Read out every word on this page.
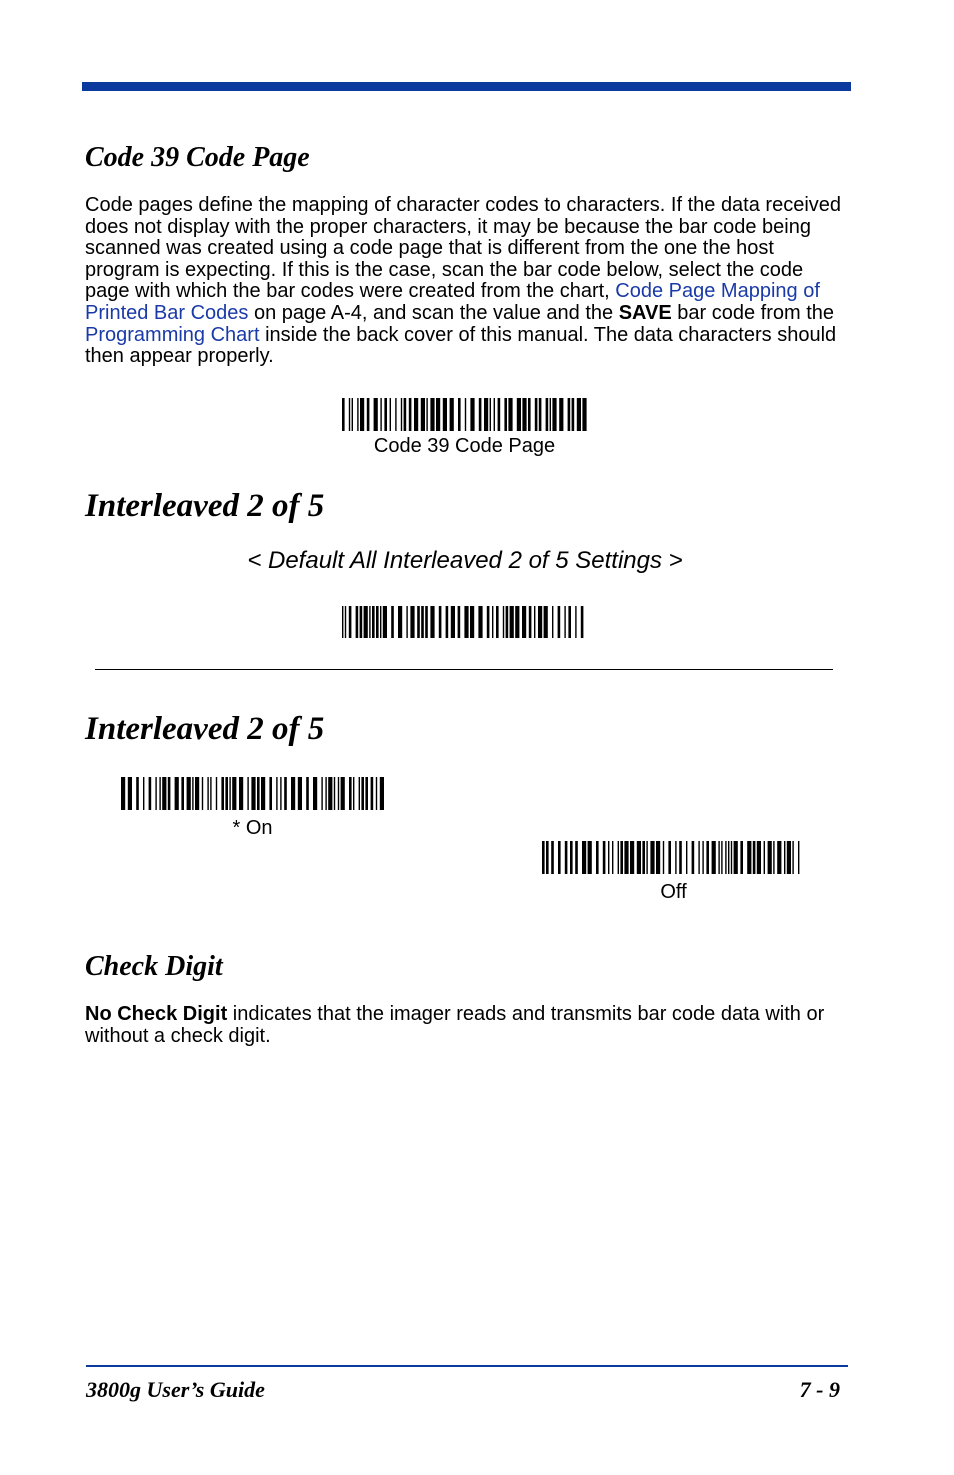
Code 39 Code Page

Code pages define the mapping of character codes to characters. If the data received does not display with the proper characters, it may be because the bar code being scanned was created using a code page that is different from the one the host program is expecting. If this is the case, scan the bar code below, select the code page with which the bar codes were created from the chart, Code Page Mapping of Printed Bar Codes on page A-4, and scan the value and the SAVE bar code from the Programming Chart inside the back cover of this manual. The data characters should then appear properly.

Code 39 Code Page
Interleaved 2 of 5

< Default All Interleaved 2 of 5 Settings >

Interleaved 2 of 5
* On
Off
Check Digit

No Check Digit indicates that the imager reads and transmits bar code data with or without a check digit.

3800g User’s Guide	7 - 9
